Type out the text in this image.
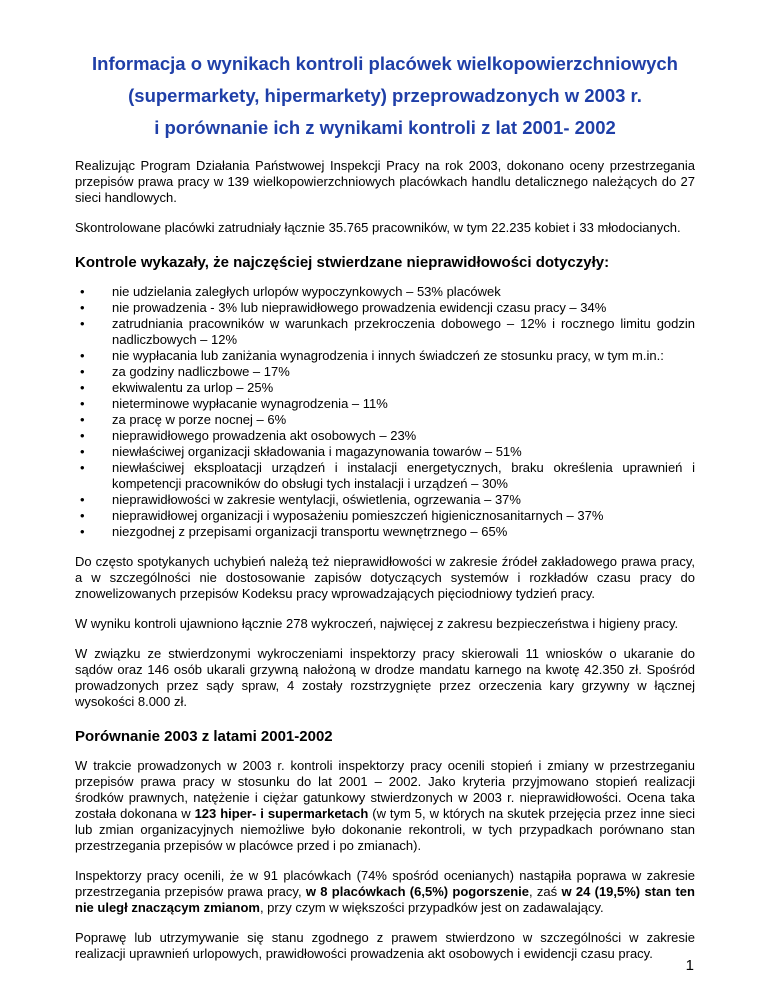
Informacja o wynikach kontroli placówek wielkopowierzchniowych
(supermarkety, hipermarkety) przeprowadzonych w 2003 r.
i porównanie ich z wynikami kontroli z lat 2001- 2002

Realizując Program Działania Państwowej Inspekcji Pracy na rok 2003, dokonano oceny przestrzegania przepisów prawa pracy w 139 wielkopowierzchniowych placówkach handlu detalicznego należących do 27 sieci handlowych.

Skontrolowane placówki zatrudniały łącznie 35.765 pracowników, w tym 22.235 kobiet i 33 młodocianych.

Kontrole wykazały, że najczęściej stwierdzane nieprawidłowości dotyczyły:
• nie udzielania zaległych urlopów wypoczynkowych – 53% placówek
• nie prowadzenia - 3% lub nieprawidłowego prowadzenia ewidencji czasu pracy – 34%
• zatrudniania pracowników w warunkach przekroczenia dobowego – 12% i rocznego limitu godzin nadliczbowych – 12%
• nie wypłacania lub zaniżania wynagrodzenia i innych świadczeń ze stosunku pracy, w tym m.in.:
• za godziny nadliczbowe – 17%
• ekwiwalentu za urlop – 25%
• nieterminowe wypłacanie wynagrodzenia – 11%
• za pracę w porze nocnej – 6%
• nieprawidłowego prowadzenia akt osobowych – 23%
• niewłaściwej organizacji składowania i magazynowania towarów – 51%
• niewłaściwej eksploatacji urządzeń i instalacji energetycznych, braku określenia uprawnień i kompetencji pracowników do obsługi tych instalacji i urządzeń – 30%
• nieprawidłowości w zakresie wentylacji, oświetlenia, ogrzewania – 37%
• nieprawidłowej organizacji i wyposażeniu pomieszczeń higienicznosanitarnych – 37%
• niezgodnej z przepisami organizacji transportu wewnętrznego – 65%

Do często spotykanych uchybień należą też nieprawidłowości w zakresie źródeł zakładowego prawa pracy, a w szczególności nie dostosowanie zapisów dotyczących systemów i rozkładów czasu pracy do znowelizowanych przepisów Kodeksu pracy wprowadzających pięciodniowy tydzień pracy.

W wyniku kontroli ujawniono łącznie 278 wykroczeń, najwięcej z zakresu bezpieczeństwa i higieny pracy.

W związku ze stwierdzonymi wykroczeniami inspektorzy pracy skierowali 11 wniosków o ukaranie do sądów oraz 146 osób ukarali grzywną nałożoną w drodze mandatu karnego na kwotę 42.350 zł. Spośród prowadzonych przez sądy spraw, 4 zostały rozstrzygnięte przez orzeczenia kary grzywny w łącznej wysokości 8.000 zł.

Porównanie 2003 z latami 2001-2002

W trakcie prowadzonych w 2003 r. kontroli inspektorzy pracy ocenili stopień i zmiany w przestrzeganiu przepisów prawa pracy w stosunku do lat 2001 – 2002. Jako kryteria przyjmowano stopień realizacji środków prawnych, natężenie i ciężar gatunkowy stwierdzonych w 2003 r. nieprawidłowości. Ocena taka została dokonana w 123 hiper- i supermarketach (w tym 5, w których na skutek przejęcia przez inne sieci lub zmian organizacyjnych niemożliwe było dokonanie rekontroli, w tych przypadkach porównano stan przestrzegania przepisów w placówce przed i po zmianach).

Inspektorzy pracy ocenili, że w 91 placówkach (74% spośród ocenianych) nastąpiła poprawa w zakresie przestrzegania przepisów prawa pracy, w 8 placówkach (6,5%) pogorszenie, zaś w 24 (19,5%) stan ten nie uległ znaczącym zmianom, przy czym w większości przypadków jest on zadawalający.

Poprawę lub utrzymywanie się stanu zgodnego z prawem stwierdzono w szczególności w zakresie realizacji uprawnień urlopowych, prawidłowości prowadzenia akt osobowych i ewidencji czasu pracy.

1
